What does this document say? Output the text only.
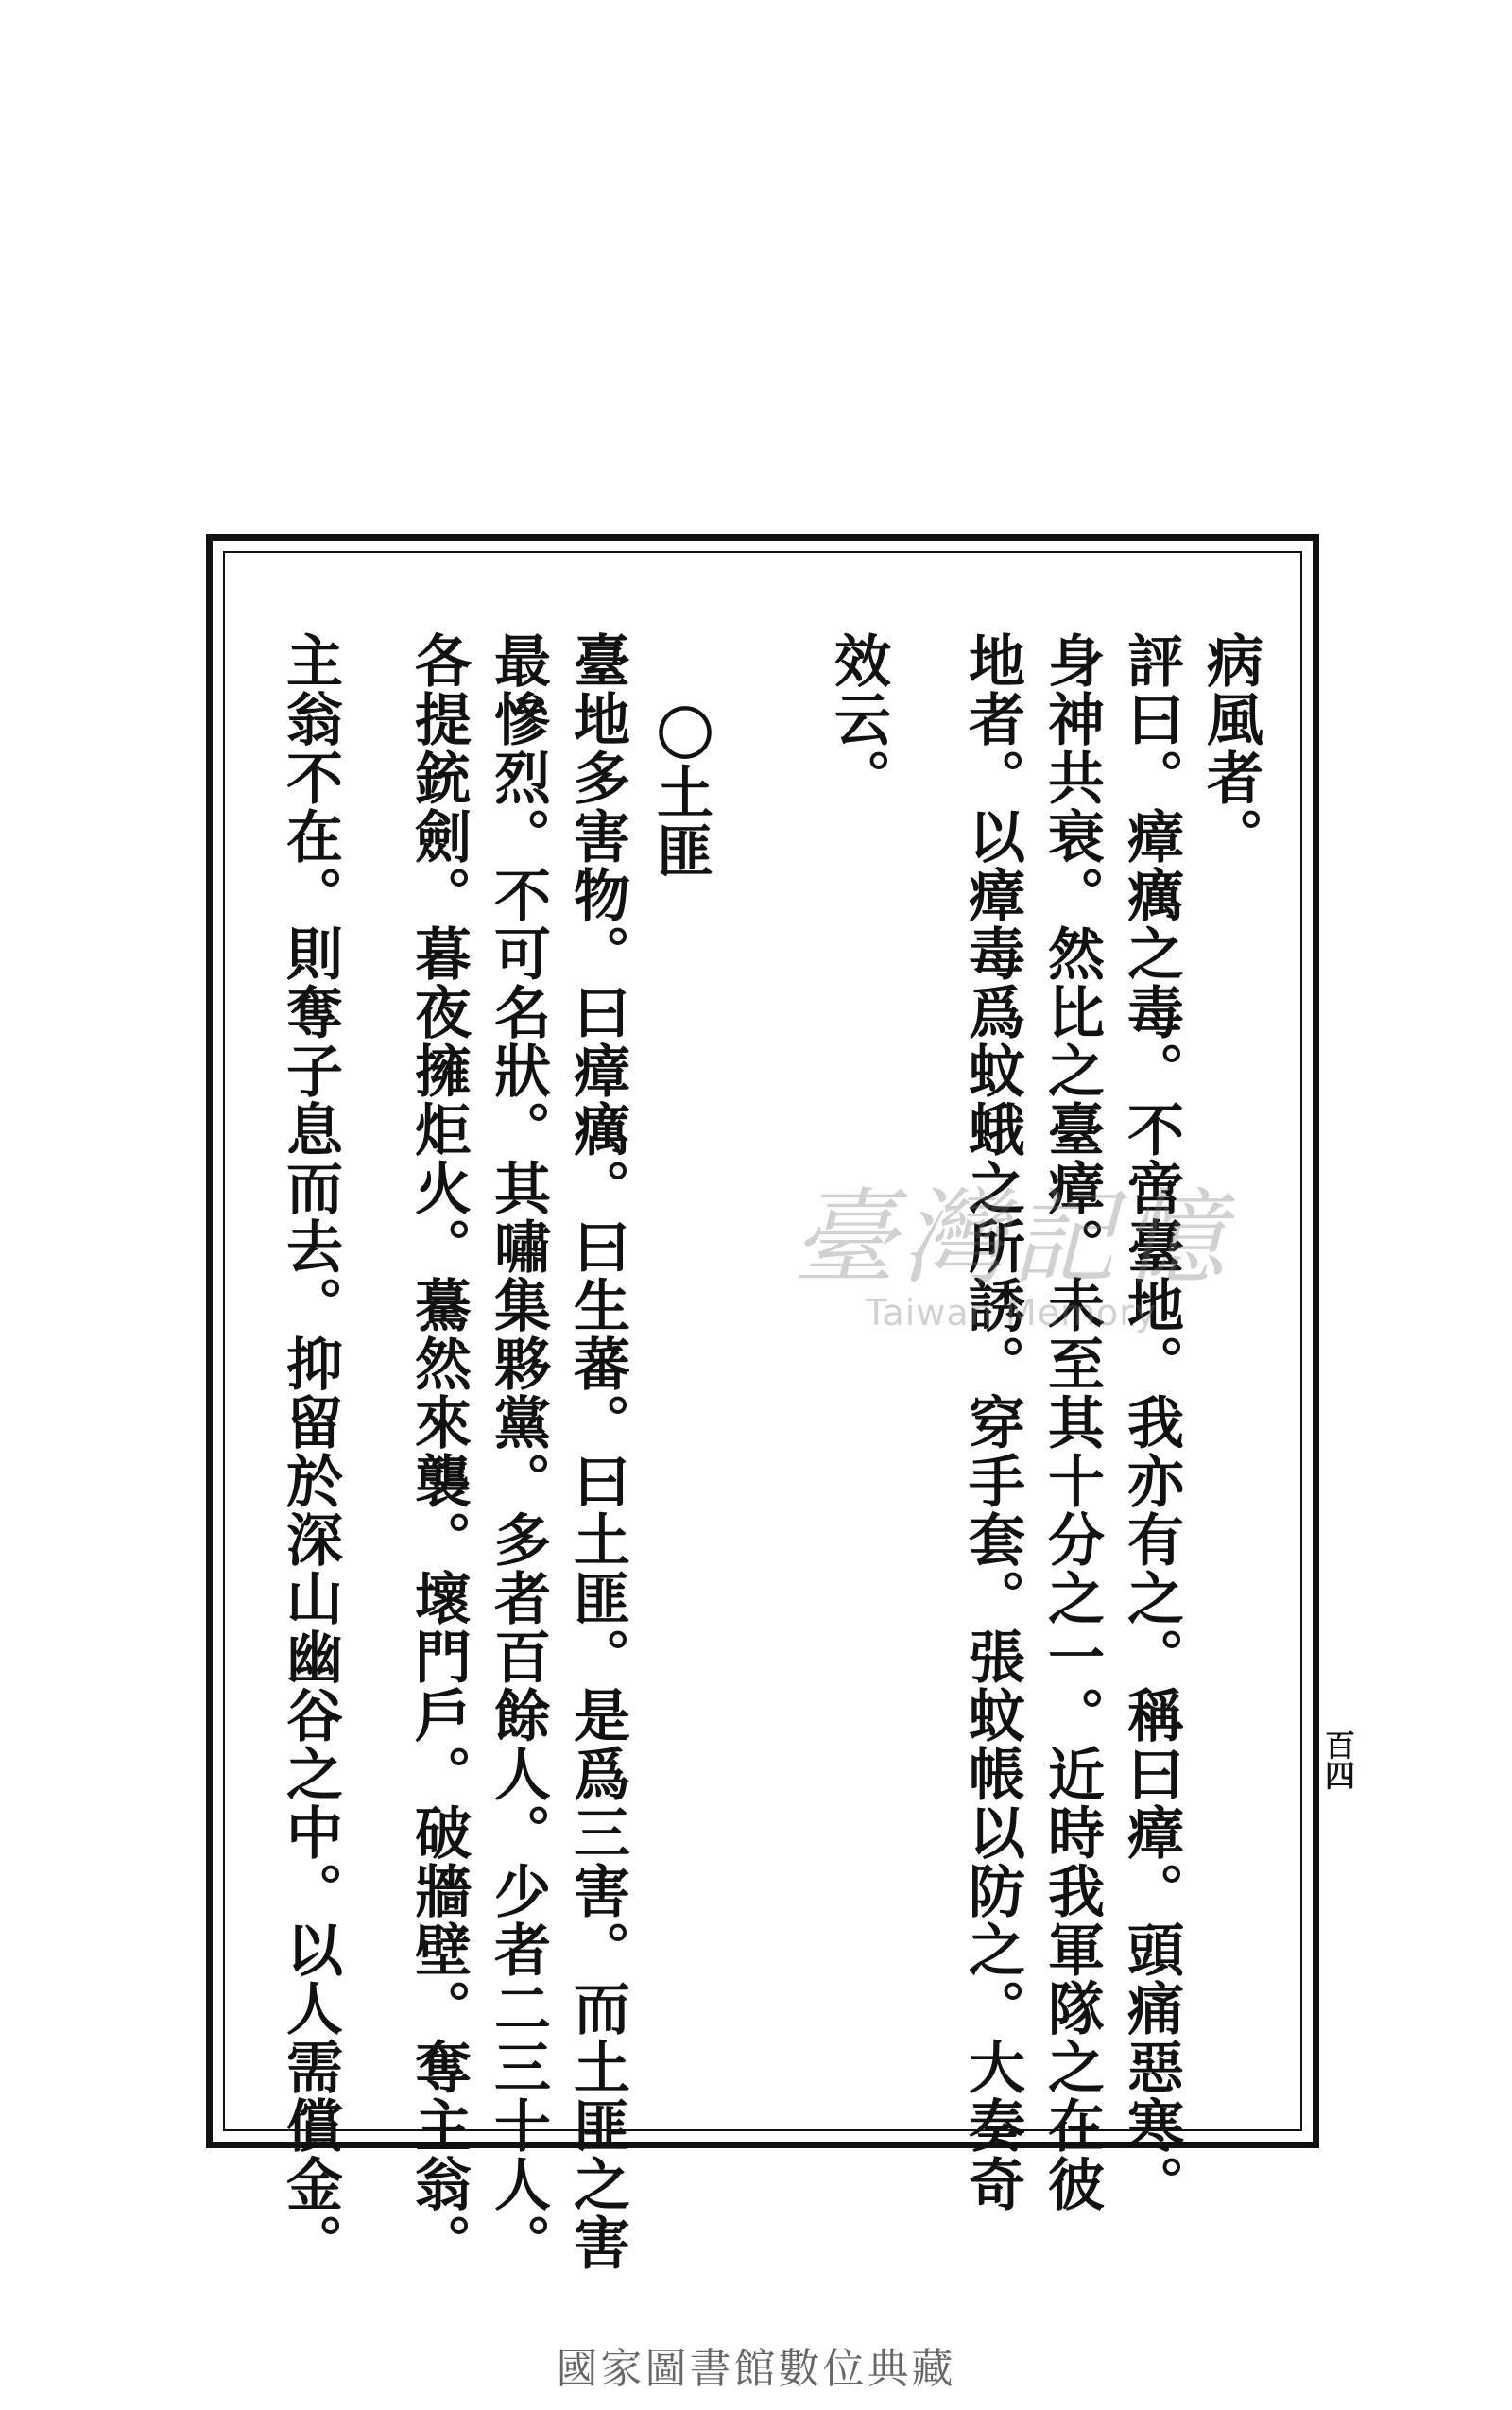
百四
病風者。
評曰。瘴癘之毒。不啻臺地。我亦有之。稱曰瘴。頭痛惡寒。
身神共衰。然比之臺瘴。未至其十分之一。近時我軍隊之在彼
地者。以瘴毒爲蚊蛾之所誘。穿手套。張蚊帳以防之。大奏奇
效云。
〇土匪
臺地多害物。曰瘴癘。曰生蕃。曰土匪。是爲三害。而土匪之害
最慘烈。不可名狀。其嘯集夥黨。多者百餘人。少者二三十人。
各提銃劍。暮夜擁炬火。驀然來襲。壞門戶。破牆壁。奪主翁。
主翁不在。則奪子息而去。抑留於深山幽谷之中。以人需償金。	臺灣記憶
Taiwan Memory
國家圖書館數位典藏
